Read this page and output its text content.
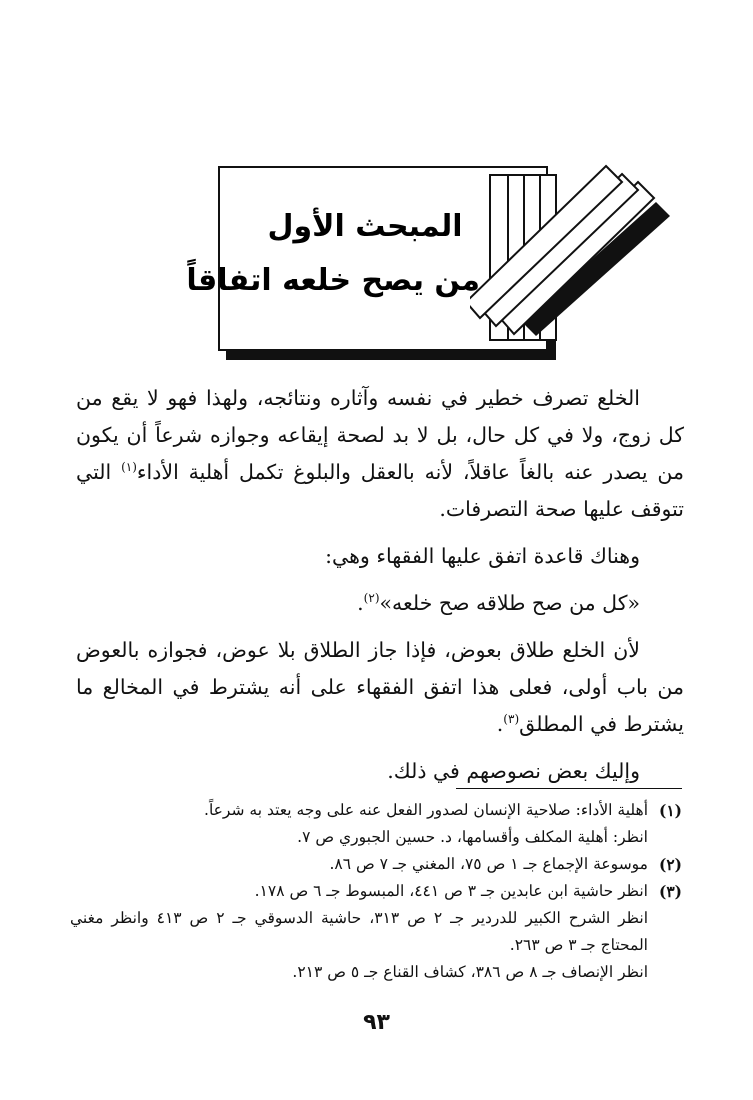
المبحث الأول
من يصح خلعه اتفاقاً

الخلع تصرف خطير في نفسه وآثاره ونتائجه، ولهذا فهو لا يقع من كل زوج، ولا في كل حال، بل لا بد لصحة إيقاعه وجوازه شرعاً أن يكون من يصدر عنه بالغاً عاقلاً، لأنه بالعقل والبلوغ تكمل أهلية الأداء$^{(١)}$ التي تتوقف عليها صحة التصرفات.

وهناك قاعدة اتفق عليها الفقهاء وهي:

«كل من صح طلاقه صح خلعه»$^{(٢)}$.

لأن الخلع طلاق بعوض، فإذا جاز الطلاق بلا عوض، فجوازه بالعوض من باب أولى، فعلى هذا اتفق الفقهاء على أنه يشترط في المخالع ما يشترط في المطلق$^{(٣)}$.

وإليك بعض نصوصهم في ذلك.

(١)
أهلية الأداء: صلاحية الإنسان لصدور الفعل عنه على وجه يعتد به شرعاً.
انظر: أهلية المكلف وأقسامها، د. حسين الجبوري ص ٧.
(٢)
موسوعة الإجماع جـ ١ ص ٧٥، المغني جـ ٧ ص ٨٦.
(٣)
انظر حاشية ابن عابدين جـ ٣ ص ٤٤١، المبسوط جـ ٦ ص ١٧٨.
انظر الشرح الكبير للدردير جـ ٢ ص ٣١٣، حاشية الدسوقي جـ ٢ ص ٤١٣ وانظر مغني المحتاج جـ ٣ ص ٢٦٣.
انظر الإنصاف جـ ٨ ص ٣٨٦، كشاف القناع جـ ٥ ص ٢١٣.
٩٣
